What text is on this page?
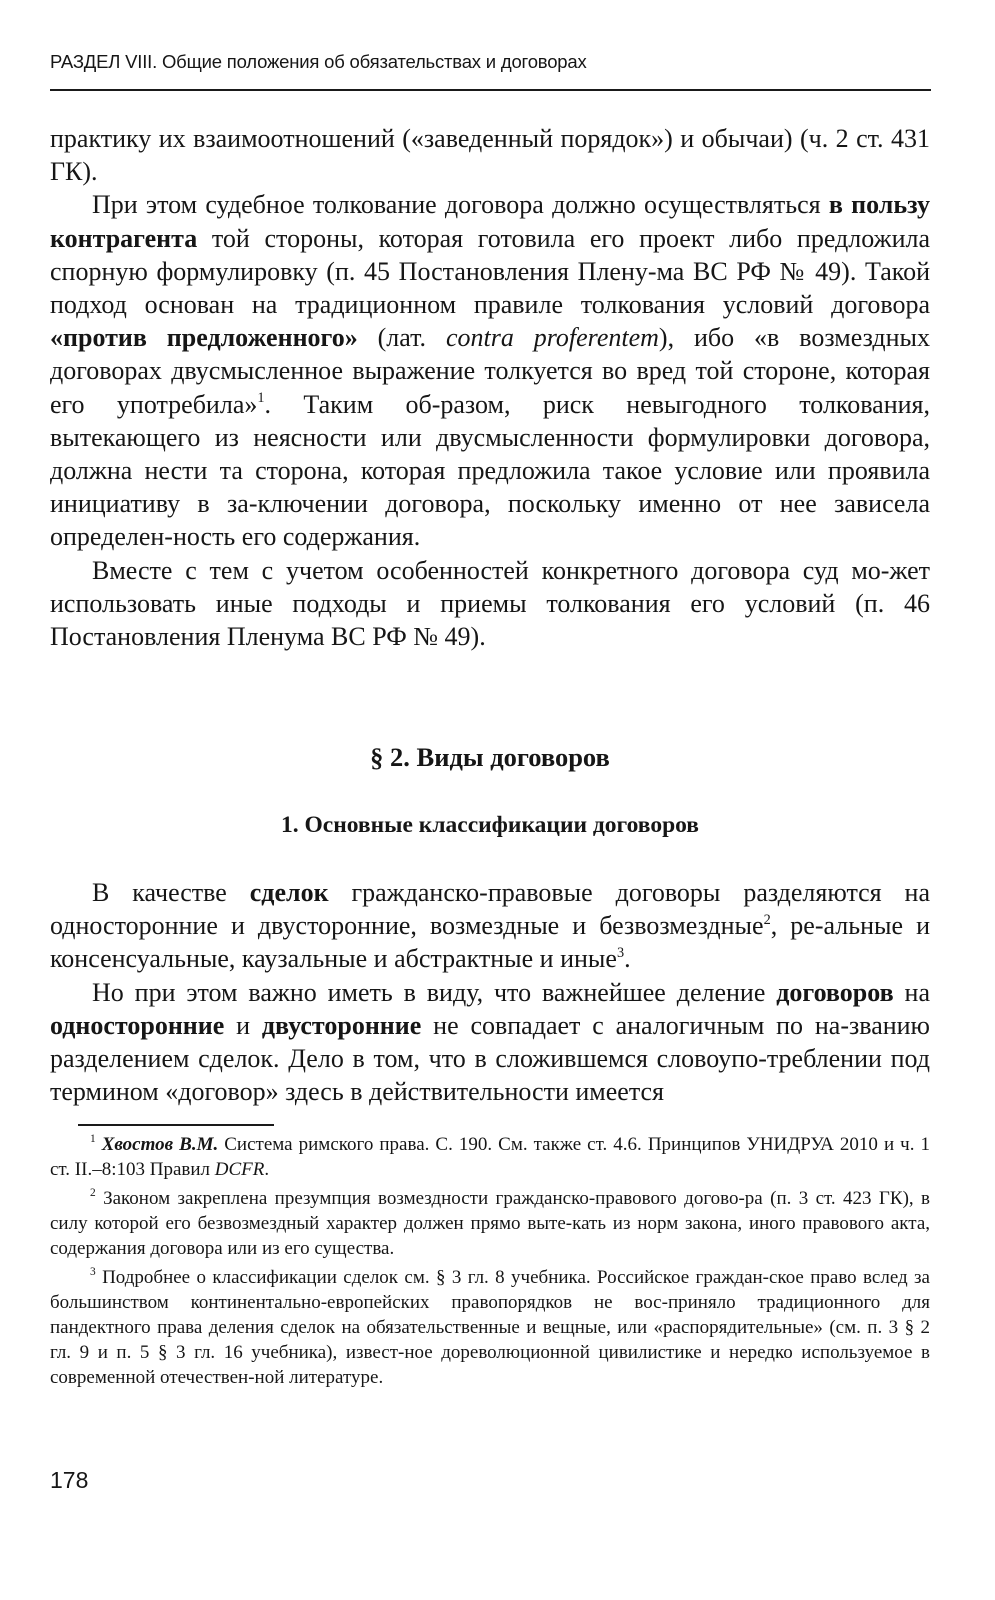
РАЗДЕЛ VIII. Общие положения об обязательствах и договорах

практику их взаимоотношений («заведенный порядок») и обычаи) (ч. 2 ст. 431 ГК).

При этом судебное толкование договора должно осуществляться в пользу контрагента той стороны, которая готовила его проект либо предложила спорную формулировку (п. 45 Постановления Плену-ма ВС РФ № 49). Такой подход основан на традиционном правиле толкования условий договора «против предложенного» (лат. contra proferentem), ибо «в возмездных договорах двусмысленное выражение толкуется во вред той стороне, которая его употребила»$^1$. Таким об-разом, риск невыгодного толкования, вытекающего из неясности или двусмысленности формулировки договора, должна нести та сторона, которая предложила такое условие или проявила инициативу в за-ключении договора, поскольку именно от нее зависела определен-ность его содержания.

Вместе с тем с учетом особенностей конкретного договора суд мо-жет использовать иные подходы и приемы толкования его условий (п. 46 Постановления Пленума ВС РФ № 49).

§ 2. Виды договоров
1. Основные классификации договоров

В качестве сделок гражданско-правовые договоры разделяются на односторонние и двусторонние, возмездные и безвозмездные$^2$, ре-альные и консенсуальные, каузальные и абстрактные и иные$^3$.

Но при этом важно иметь в виду, что важнейшее деление договоров на односторонние и двусторонние не совпадает с аналогичным по на-званию разделением сделок. Дело в том, что в сложившемся словоупо-треблении под термином «договор» здесь в действительности имеется

$^1$ Хвостов В.М. Система римского права. С. 190. См. также ст. 4.6. Принципов УНИДРУА 2010 и ч. 1 ст. II.–8:103 Правил DCFR.

$^2$ Законом закреплена презумпция возмездности гражданско-правового догово-ра (п. 3 ст. 423 ГК), в силу которой его безвозмездный характер должен прямо выте-кать из норм закона, иного правового акта, содержания договора или из его существа.

$^3$ Подробнее о классификации сделок см. § 3 гл. 8 учебника. Российское граждан-ское право вслед за большинством континентально-европейских правопорядков не вос-приняло традиционного для пандектного права деления сделок на обязательственные и вещные, или «распорядительные» (см. п. 3 § 2 гл. 9 и п. 5 § 3 гл. 16 учебника), извест-ное дореволюционной цивилистике и нередко используемое в современной отечествен-ной литературе.

178
